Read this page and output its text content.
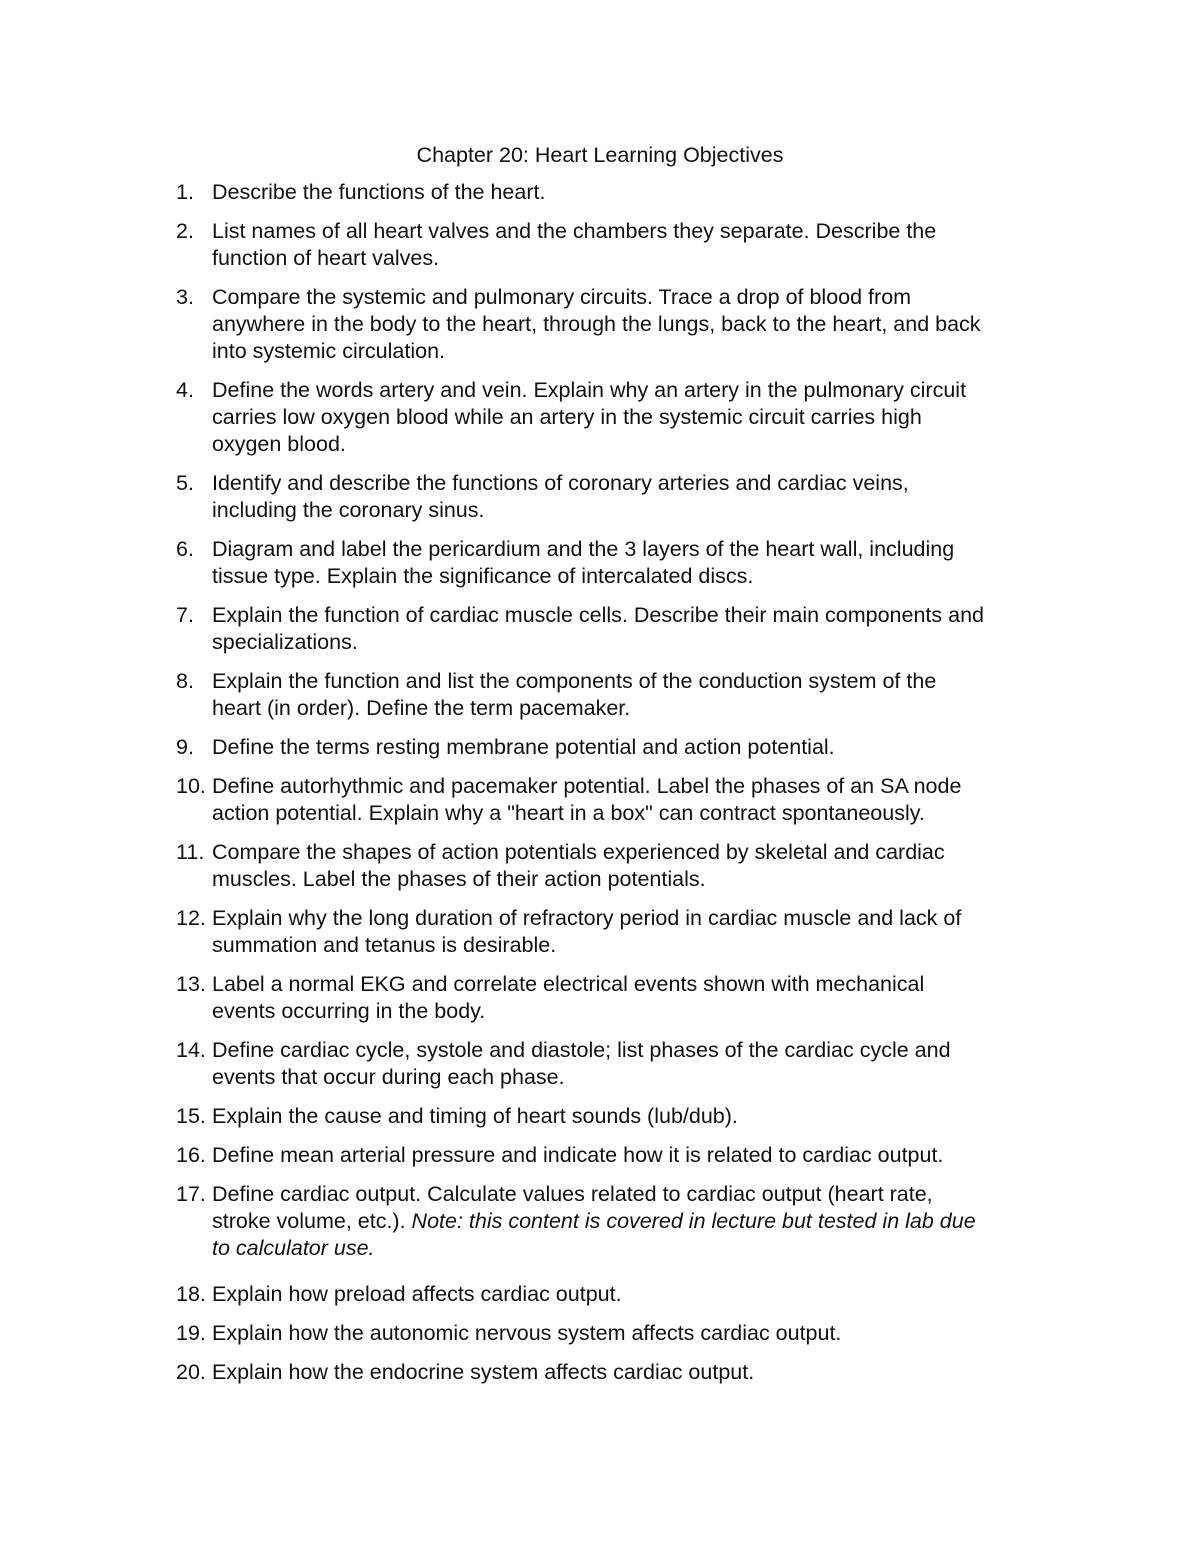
Chapter 20: Heart Learning Objectives
1. Describe the functions of the heart.
2. List names of all heart valves and the chambers they separate. Describe the
function of heart valves.
3. Compare the systemic and pulmonary circuits. Trace a drop of blood from
anywhere in the body to the heart, through the lungs, back to the heart, and back
into systemic circulation.
4. Define the words artery and vein. Explain why an artery in the pulmonary circuit
carries low oxygen blood while an artery in the systemic circuit carries high
oxygen blood.
5. Identify and describe the functions of coronary arteries and cardiac veins,
including the coronary sinus.
6. Diagram and label the pericardium and the 3 layers of the heart wall, including
tissue type. Explain the significance of intercalated discs.
7. Explain the function of cardiac muscle cells. Describe their main components and
specializations.
8. Explain the function and list the components of the conduction system of the
heart (in order). Define the term pacemaker.
9. Define the terms resting membrane potential and action potential.
10. Define autorhythmic and pacemaker potential. Label the phases of an SA node
action potential. Explain why a "heart in a box" can contract spontaneously.
11. Compare the shapes of action potentials experienced by skeletal and cardiac
muscles. Label the phases of their action potentials.
12. Explain why the long duration of refractory period in cardiac muscle and lack of
summation and tetanus is desirable.
13. Label a normal EKG and correlate electrical events shown with mechanical
events occurring in the body.
14. Define cardiac cycle, systole and diastole; list phases of the cardiac cycle and
events that occur during each phase.
15. Explain the cause and timing of heart sounds (lub/dub).
16. Define mean arterial pressure and indicate how it is related to cardiac output.
17. Define cardiac output. Calculate values related to cardiac output (heart rate,
stroke volume, etc.). Note: this content is covered in lecture but tested in lab due
to calculator use.
18. Explain how preload affects cardiac output.
19. Explain how the autonomic nervous system affects cardiac output.
20. Explain how the endocrine system affects cardiac output.
